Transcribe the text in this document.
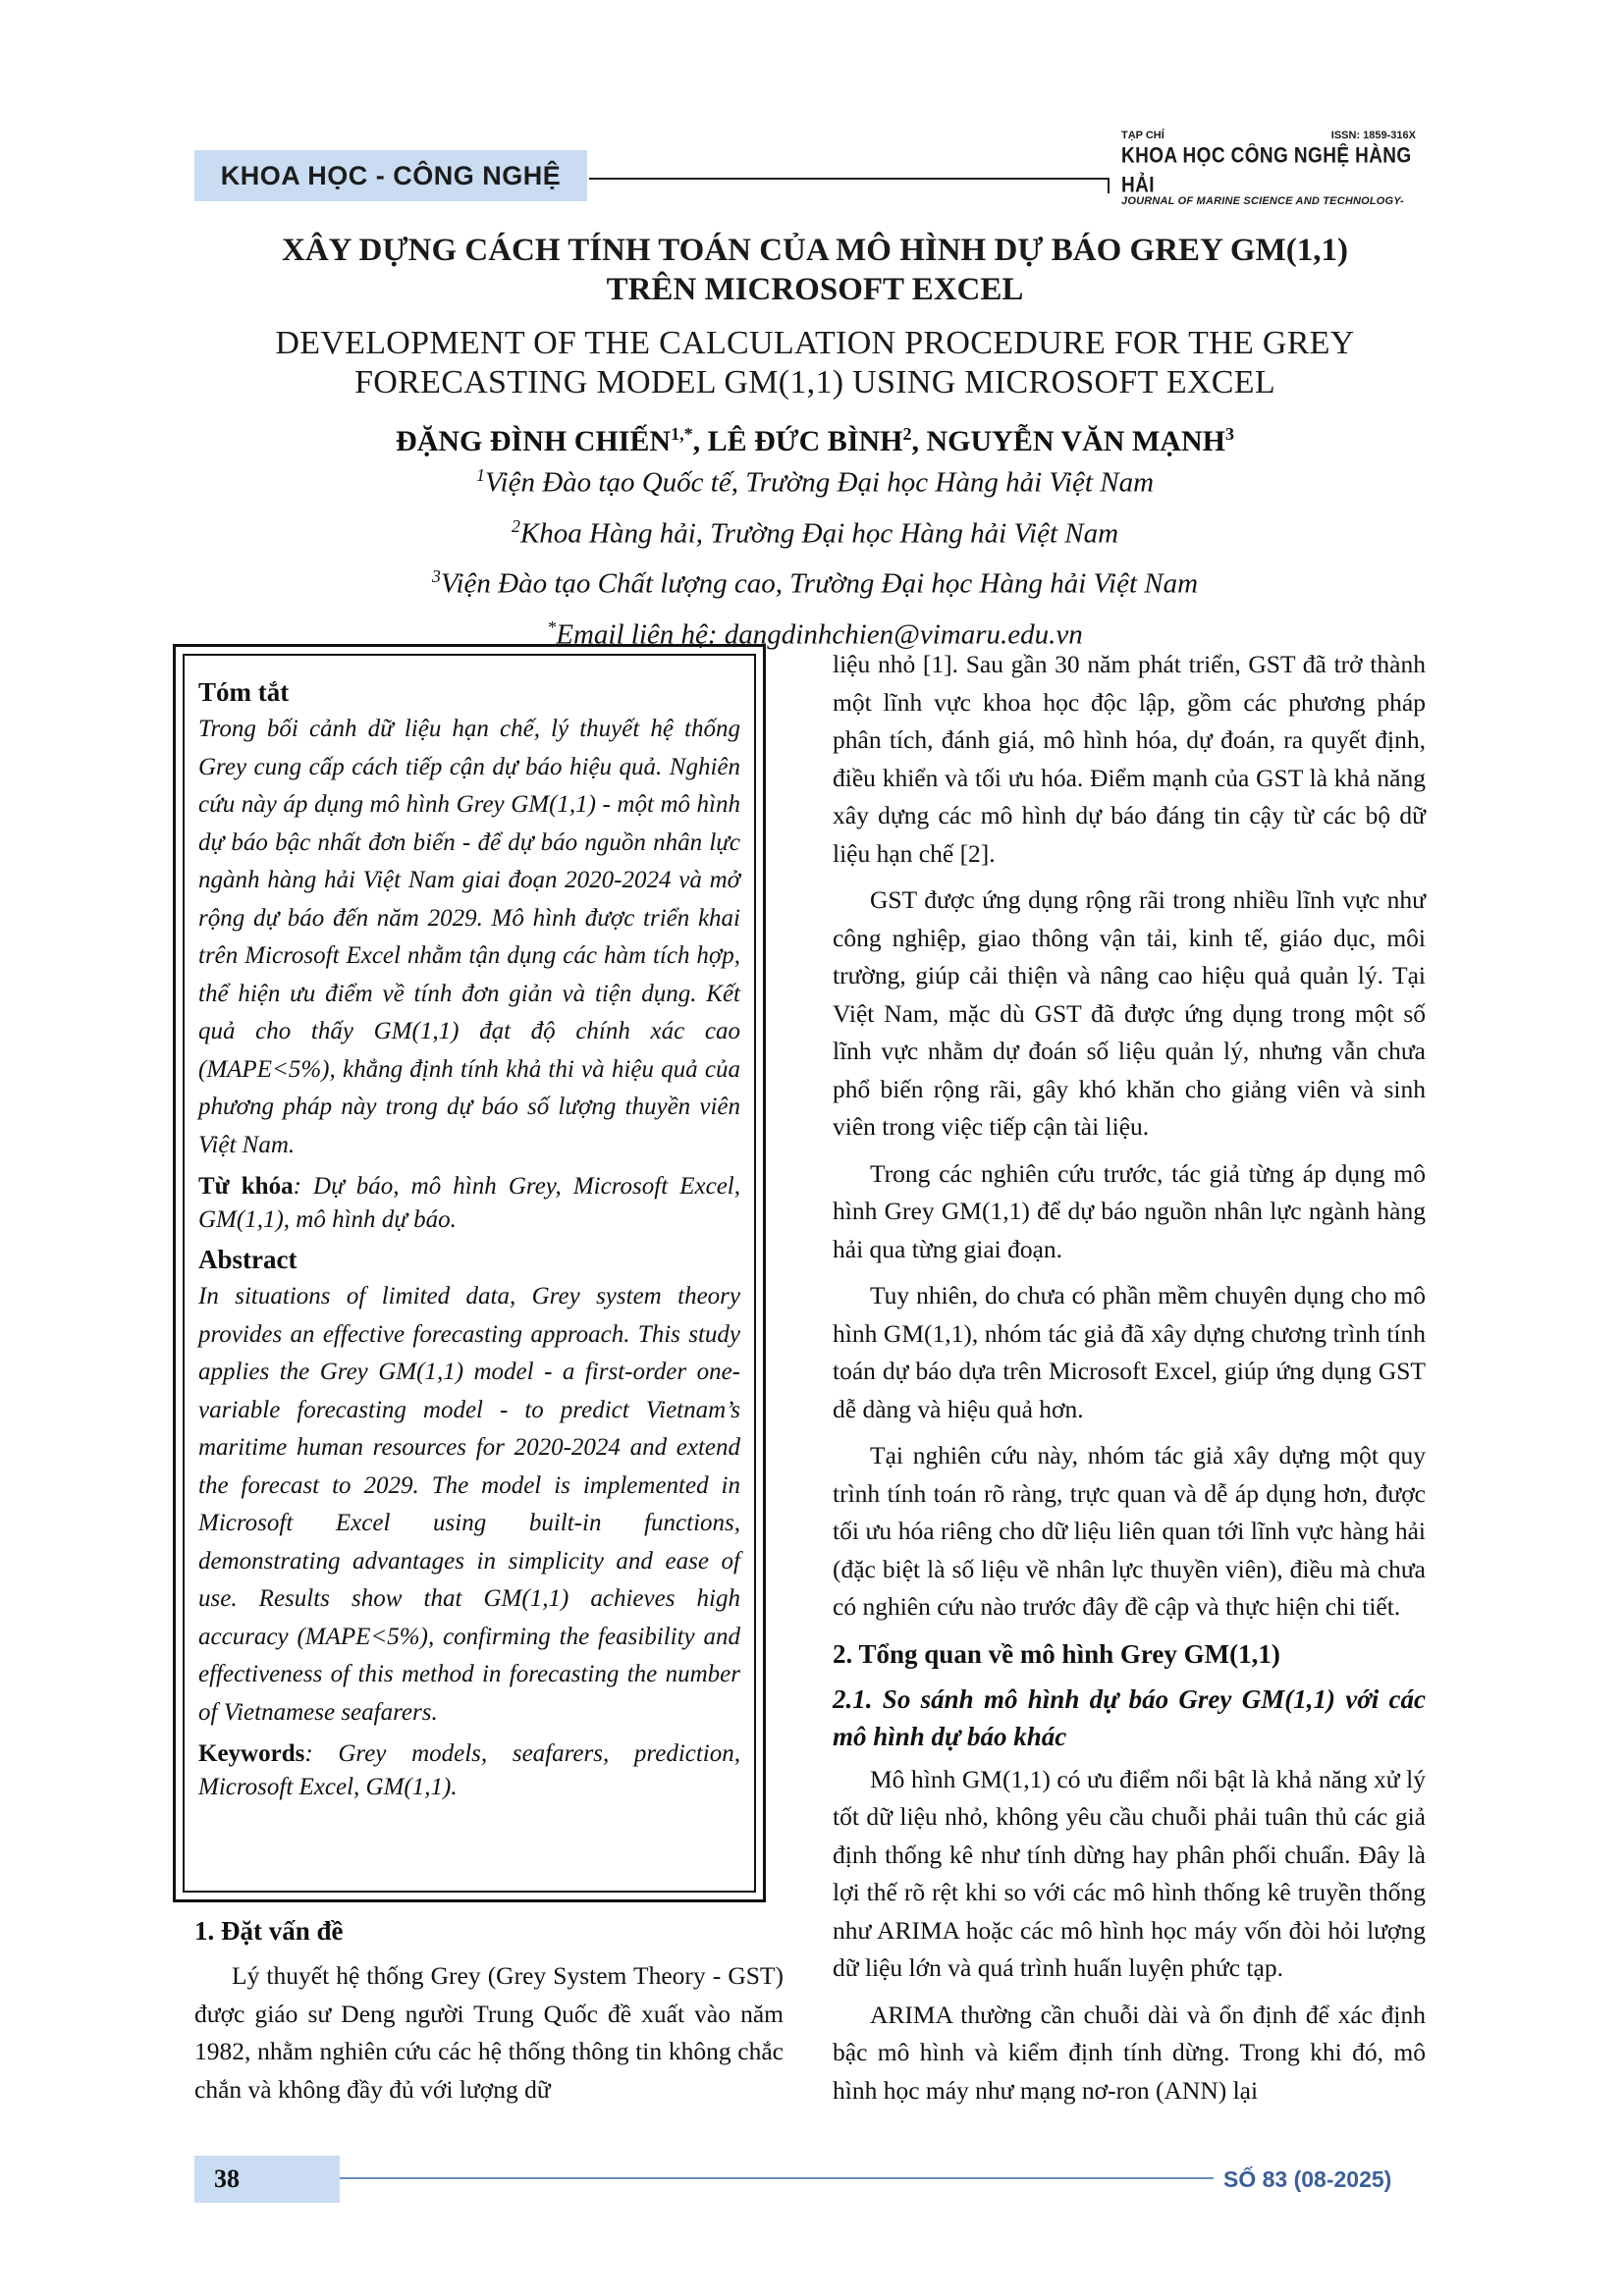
KHOA HỌC - CÔNG NGHỆ
TẠP CHÍ	ISSN: 1859-316X
KHOA HỌC CÔNG NGHỆ HÀNG HẢI
JOURNAL OF MARINE SCIENCE AND TECHNOLOGY-
XÂY DỰNG CÁCH TÍNH TOÁN CỦA MÔ HÌNH DỰ BÁO GREY GM(1,1)
TRÊN MICROSOFT EXCEL
DEVELOPMENT OF THE CALCULATION PROCEDURE FOR THE GREY
FORECASTING MODEL GM(1,1) USING MICROSOFT EXCEL
ĐẶNG ĐÌNH CHIẾN$^{1,*}$, LÊ ĐỨC BÌNH$^2$, NGUYỄN VĂN MẠNH$^3$
$^1$Viện Đào tạo Quốc tế, Trường Đại học Hàng hải Việt Nam
$^2$Khoa Hàng hải, Trường Đại học Hàng hải Việt Nam
$^3$Viện Đào tạo Chất lượng cao, Trường Đại học Hàng hải Việt Nam
*Email liên hệ: dangdinhchien@vimaru.edu.vn
Tóm tắt

Trong bối cảnh dữ liệu hạn chế, lý thuyết hệ thống Grey cung cấp cách tiếp cận dự báo hiệu quả. Nghiên cứu này áp dụng mô hình Grey GM(1,1) - một mô hình dự báo bậc nhất đơn biến - để dự báo nguồn nhân lực ngành hàng hải Việt Nam giai đoạn 2020-2024 và mở rộng dự báo đến năm 2029. Mô hình được triển khai trên Microsoft Excel nhằm tận dụng các hàm tích hợp, thể hiện ưu điểm về tính đơn giản và tiện dụng. Kết quả cho thấy GM(1,1) đạt độ chính xác cao (MAPE<5%), khẳng định tính khả thi và hiệu quả của phương pháp này trong dự báo số lượng thuyền viên Việt Nam.

Từ khóa: Dự báo, mô hình Grey, Microsoft Excel, GM(1,1), mô hình dự báo.

Abstract

In situations of limited data, Grey system theory provides an effective forecasting approach. This study applies the Grey GM(1,1) model - a first-order one-variable forecasting model - to predict Vietnam’s maritime human resources for 2020-2024 and extend the forecast to 2029. The model is implemented in Microsoft Excel using built-in functions, demonstrating advantages in simplicity and ease of use. Results show that GM(1,1) achieves high accuracy (MAPE<5%), confirming the feasibility and effectiveness of this method in forecasting the number of Vietnamese seafarers.

Keywords: Grey models, seafarers, prediction, Microsoft Excel, GM(1,1).

1. Đặt vấn đề

Lý thuyết hệ thống Grey (Grey System Theory - GST) được giáo sư Deng người Trung Quốc đề xuất vào năm 1982, nhằm nghiên cứu các hệ thống thông tin không chắc chắn và không đầy đủ với lượng dữ

liệu nhỏ [1]. Sau gần 30 năm phát triển, GST đã trở thành một lĩnh vực khoa học độc lập, gồm các phương pháp phân tích, đánh giá, mô hình hóa, dự đoán, ra quyết định, điều khiển và tối ưu hóa. Điểm mạnh của GST là khả năng xây dựng các mô hình dự báo đáng tin cậy từ các bộ dữ liệu hạn chế [2].

GST được ứng dụng rộng rãi trong nhiều lĩnh vực như công nghiệp, giao thông vận tải, kinh tế, giáo dục, môi trường, giúp cải thiện và nâng cao hiệu quả quản lý. Tại Việt Nam, mặc dù GST đã được ứng dụng trong một số lĩnh vực nhằm dự đoán số liệu quản lý, nhưng vẫn chưa phổ biến rộng rãi, gây khó khăn cho giảng viên và sinh viên trong việc tiếp cận tài liệu.

Trong các nghiên cứu trước, tác giả từng áp dụng mô hình Grey GM(1,1) để dự báo nguồn nhân lực ngành hàng hải qua từng giai đoạn.

Tuy nhiên, do chưa có phần mềm chuyên dụng cho mô hình GM(1,1), nhóm tác giả đã xây dựng chương trình tính toán dự báo dựa trên Microsoft Excel, giúp ứng dụng GST dễ dàng và hiệu quả hơn.

Tại nghiên cứu này, nhóm tác giả xây dựng một quy trình tính toán rõ ràng, trực quan và dễ áp dụng hơn, được tối ưu hóa riêng cho dữ liệu liên quan tới lĩnh vực hàng hải (đặc biệt là số liệu về nhân lực thuyền viên), điều mà chưa có nghiên cứu nào trước đây đề cập và thực hiện chi tiết.

2. Tổng quan về mô hình Grey GM(1,1)
2.1. So sánh mô hình dự báo Grey GM(1,1) với các mô hình dự báo khác

Mô hình GM(1,1) có ưu điểm nổi bật là khả năng xử lý tốt dữ liệu nhỏ, không yêu cầu chuỗi phải tuân thủ các giả định thống kê như tính dừng hay phân phối chuẩn. Đây là lợi thế rõ rệt khi so với các mô hình thống kê truyền thống như ARIMA hoặc các mô hình học máy vốn đòi hỏi lượng dữ liệu lớn và quá trình huấn luyện phức tạp.

ARIMA thường cần chuỗi dài và ổn định để xác định bậc mô hình và kiểm định tính dừng. Trong khi đó, mô hình học máy như mạng nơ-ron (ANN) lại

38	SỐ 83 (08-2025)
